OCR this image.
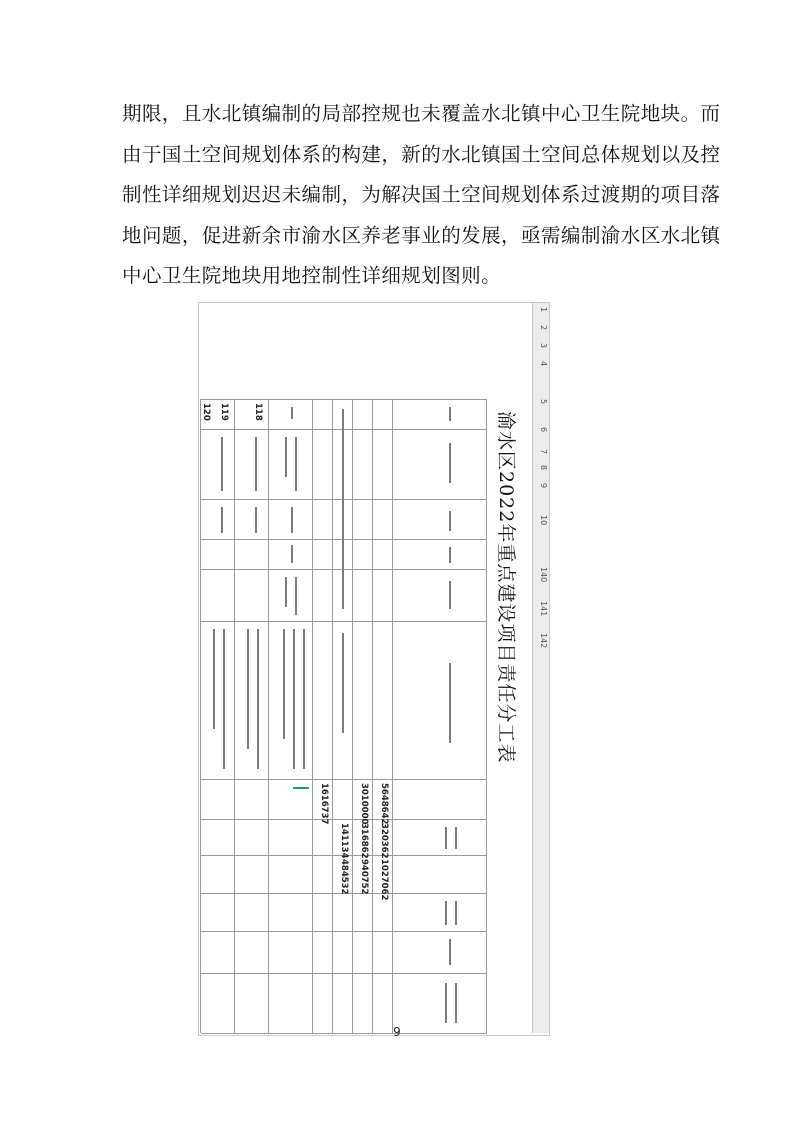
期限，且水北镇编制的局部控规也未覆盖水北镇中心卫生院地块。而
由于国土空间规划体系的构建，新的水北镇国土空间总体规划以及控
制性详细规划迟迟未编制，为解决国土空间规划体系过渡期的项目落
地问题，促进新余市渝水区养老事业的发展，亟需编制渝水区水北镇
中心卫生院地块用地控制性详细规划图则。
1
2
3
4
5
6
7
8
9
10
140
141
142
渝水区2022年重点建设项目责任分工表
5648642
3010000
320362
316862
141134
1027062
940752
484532
1616737
118
119
120
9
